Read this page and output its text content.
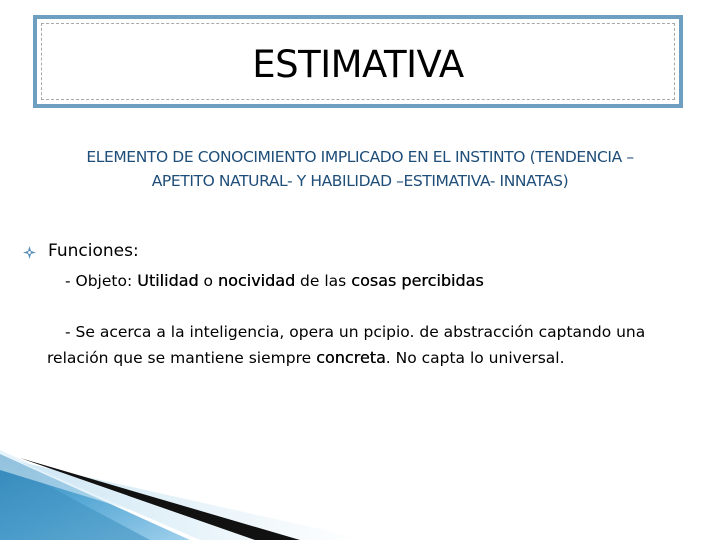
ESTIMATIVA
ELEMENTO DE CONOCIMIENTO IMPLICADO EN EL INSTINTO (TENDENCIA –
APETITO NATURAL- Y HABILIDAD –ESTIMATIVA- INNATAS)
Funciones:
- Objeto: Utilidad o nocividad de las cosas percibidas
- Se acerca a la inteligencia, opera un pcipio. de abstracción captando una relación que se mantiene siempre concreta. No capta lo universal.
